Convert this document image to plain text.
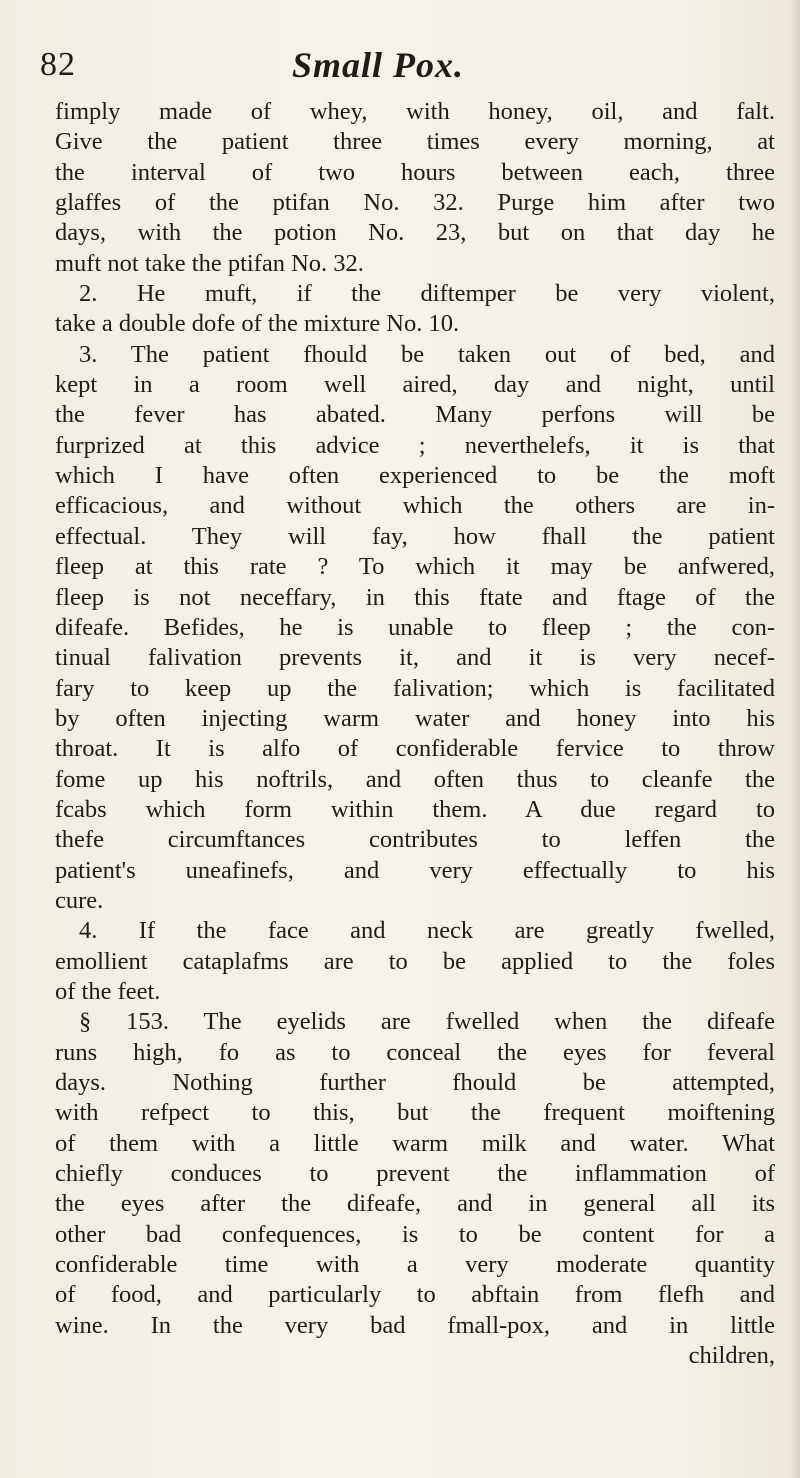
82	Small Pox.
fimply made of whey, with honey, oil, and falt.
Give the patient three times every morning, at
the interval of two hours between each, three
glaffes of the ptifan No. 32. Purge him after two
days, with the potion No. 23, but on that day he
muft not take the ptifan No. 32.
2. He muft, if the diftemper be very violent,
take a double dofe of the mixture No. 10.
3. The patient fhould be taken out of bed, and
kept in a room well aired, day and night, until
the fever has abated. Many perfons will be
furprized at this advice ; neverthelefs, it is that
which I have often experienced to be the moft
efficacious, and without which the others are in-
effectual. They will fay, how fhall the patient
fleep at this rate ? To which it may be anfwered,
fleep is not neceffary, in this ftate and ftage of the
difeafe. Befides, he is unable to fleep ; the con-
tinual falivation prevents it, and it is very necef-
fary to keep up the falivation; which is facilitated
by often injecting warm water and honey into his
throat. It is alfo of confiderable fervice to throw
fome up his noftrils, and often thus to cleanfe the
fcabs which form within them. A due regard to
thefe circumftances contributes to leffen the
patient's uneafinefs, and very effectually to his
cure.
4. If the face and neck are greatly fwelled,
emollient cataplafms are to be applied to the foles
of the feet.
§ 153. The eyelids are fwelled when the difeafe
runs high, fo as to conceal the eyes for feveral
days. Nothing further fhould be attempted,
with refpect to this, but the frequent moiftening
of them with a little warm milk and water. What
chiefly conduces to prevent the inflammation of
the eyes after the difeafe, and in general all its
other bad confequences, is to be content for a
confiderable time with a very moderate quantity
of food, and particularly to abftain from flefh and
wine. In the very bad fmall-pox, and in little
children,
